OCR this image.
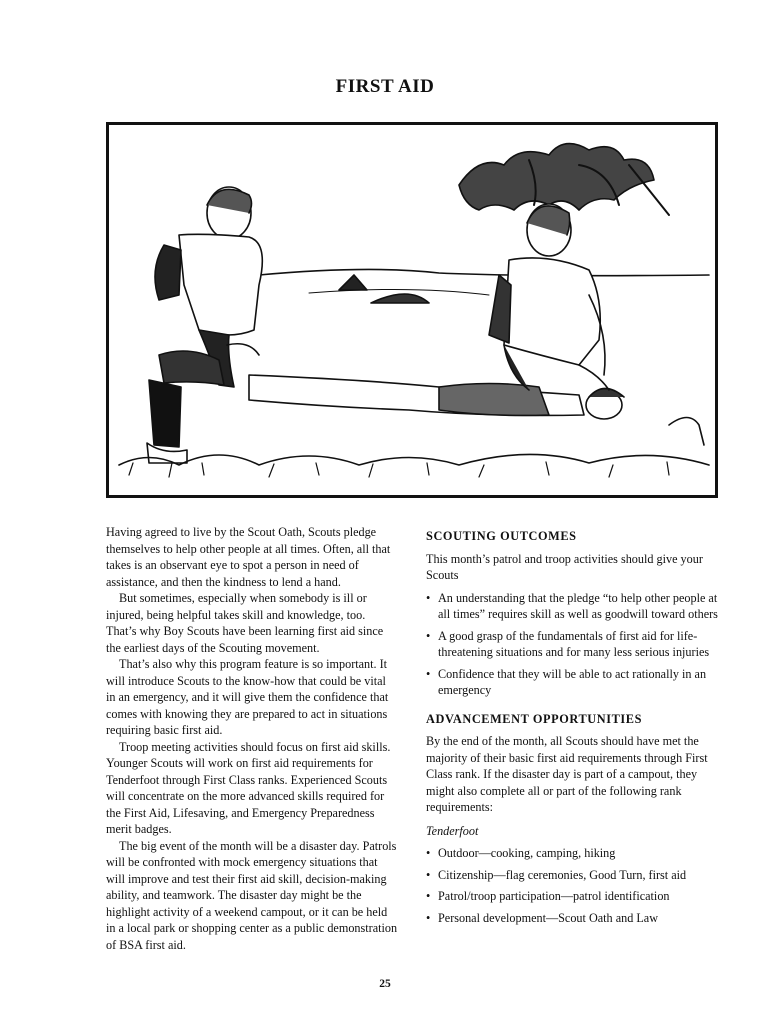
FIRST AID

Having agreed to live by the Scout Oath, Scouts pledge themselves to help other people at all times. Often, all that takes is an observant eye to spot a person in need of assistance, and then the kindness to lend a hand.

But sometimes, especially when somebody is ill or injured, being helpful takes skill and knowledge, too. That’s why Boy Scouts have been learning first aid since the earliest days of the Scouting movement.

That’s also why this program feature is so important. It will introduce Scouts to the know-how that could be vital in an emergency, and it will give them the confidence that comes with knowing they are prepared to act in situations requiring basic first aid.

Troop meeting activities should focus on first aid skills. Younger Scouts will work on first aid requirements for Tenderfoot through First Class ranks. Experienced Scouts will concentrate on the more advanced skills required for the First Aid, Lifesaving, and Emergency Preparedness merit badges.

The big event of the month will be a disaster day. Patrols will be confronted with mock emergency situations that will improve and test their first aid skill, decision-making ability, and teamwork. The disaster day might be the highlight activity of a weekend campout, or it can be held in a local park or shopping center as a public demonstration of BSA first aid.

SCOUTING OUTCOMES

This month’s patrol and troop activities should give your Scouts

• An understanding that the pledge “to help other people at all times” requires skill as well as goodwill toward others
• A good grasp of the fundamentals of first aid for life-threatening situations and for many less serious injuries
• Confidence that they will be able to act rationally in an emergency
ADVANCEMENT OPPORTUNITIES

By the end of the month, all Scouts should have met the majority of their basic first aid requirements through First Class rank. If the disaster day is part of a campout, they might also complete all or part of the following rank requirements:

Tenderfoot
• Outdoor—cooking, camping, hiking
• Citizenship—flag ceremonies, Good Turn, first aid
• Patrol/troop participation—patrol identification
• Personal development—Scout Oath and Law
25
